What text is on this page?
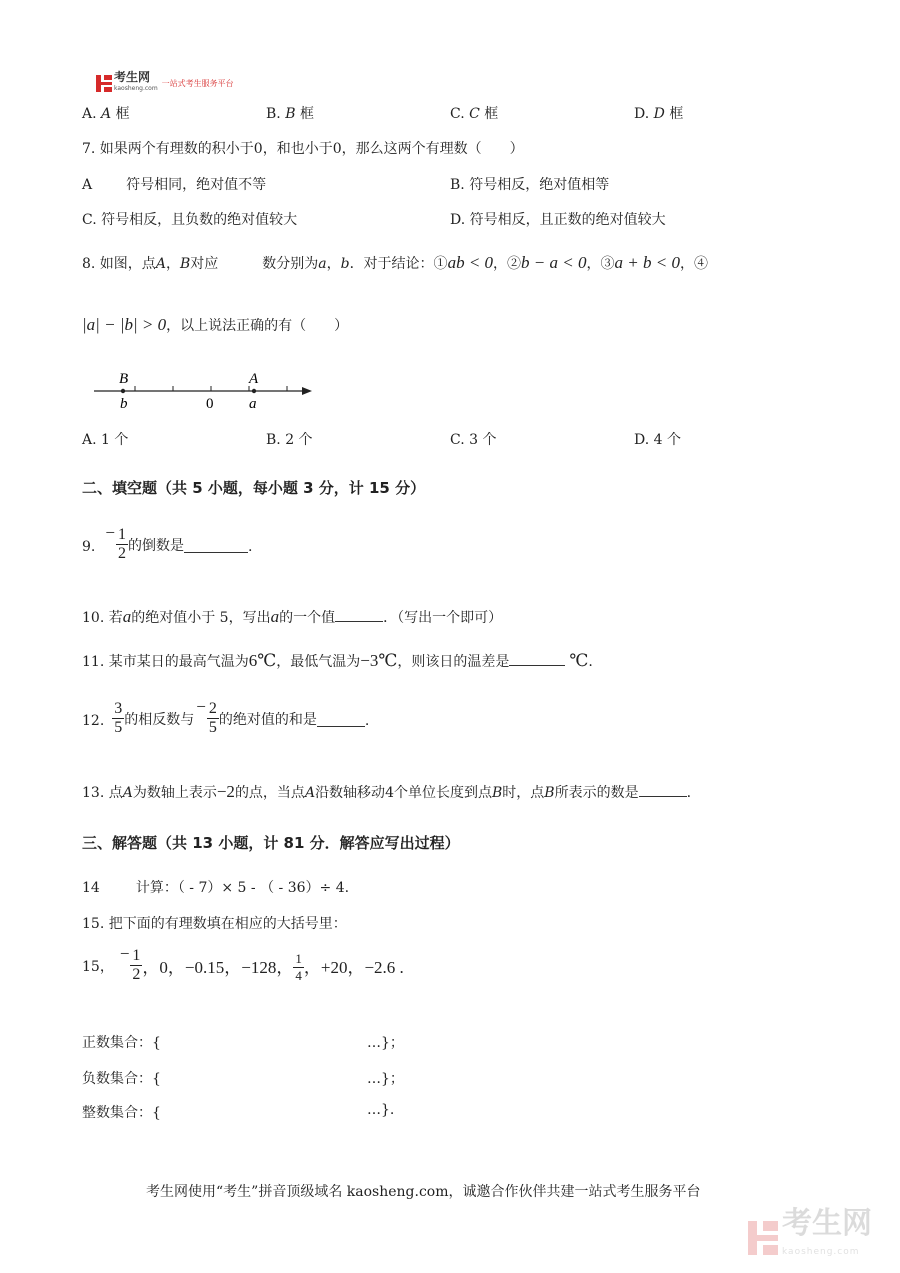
考生网
kaosheng.com
一站式考生服务平台
A. A 框	B. B 框	C. C 框	D. D 框
7. 如果两个有理数的积小于0，和也小于0，那么这两个有理数（　　）
A 符号相同，绝对值不等	B. 符号相反，绝对值相等
C. 符号相反，且负数的绝对值较大	D. 符号相反，且正数的绝对值较大
8. 如图，点A，B对应	数分别为a，b．对于结论：①ab < 0，②b − a < 0，③a + b < 0，④
|a| − |b| > 0，以上说法正确的有（　　）
B
b
A
a
0
A. 1 个	B. 2 个	C. 3 个	D. 4 个
二、填空题（共 5 小题，每小题 3 分，计 15 分）
9.
− $\frac{1}{2}$ 的倒数是	.
10. 若a的绝对值小于 5，写出a的一个值	．（写出一个即可）
11. 某市某日的最高气温为6℃，最低气温为−3℃，则该日的温差是	℃.
12. $\frac{3}{5}$ 的相反数与
− $\frac{2}{5}$ 的绝对值的和是	.
13. 点A为数轴上表示−2的点，当点A沿数轴移动4个单位长度到点B时，点B所表示的数是	.
三、解答题（共 13 小题，计 81 分．解答应写出过程）
14	计算：（ - 7）× 5 - （ - 36）÷ 4.
15. 把下面的有理数填在相应的大括号里：
15，
− $\frac{1}{2}$ ，0，−0.15，−128， $\frac{1}{4}$ ，+20，−2.6 .
正数集合：{	…}；
负数集合：{	…}；
整数集合：{	…}.
考生网使用“考生”拼音顶级域名 kaosheng.com，诚邀合作伙伴共建一站式考生服务平台
考生网
kaosheng.com
